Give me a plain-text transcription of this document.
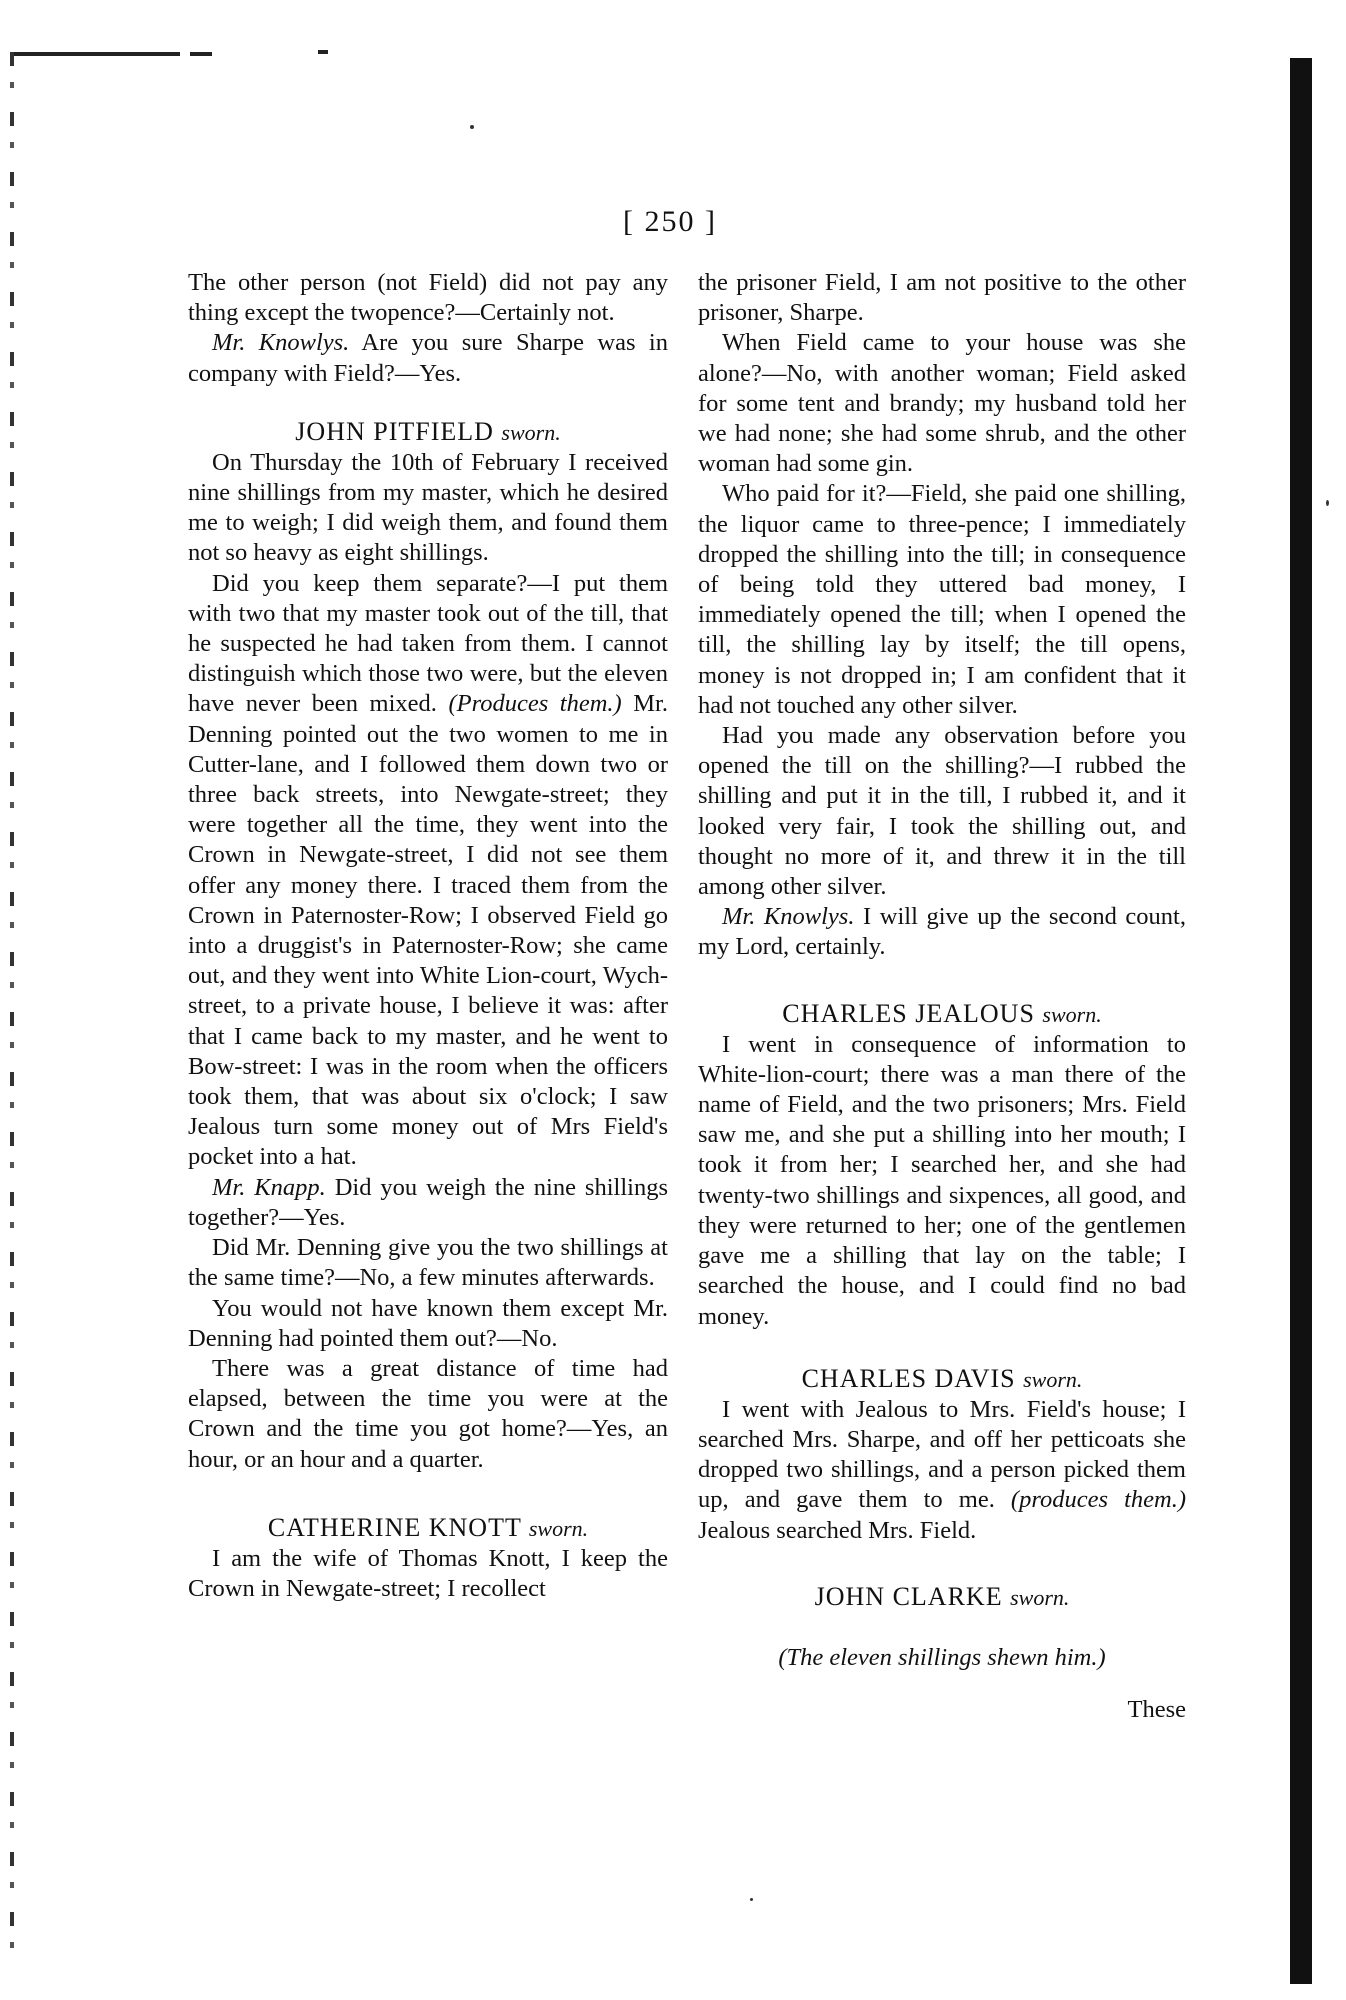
[ 250 ]

The other person (not Field) did not pay any thing except the twopence?—Certainly not.

Mr. Knowlys. Are you sure Sharpe was in company with Field?—Yes.

JOHN PITFIELD sworn.

On Thursday the 10th of February I received nine shillings from my master, which he desired me to weigh; I did weigh them, and found them not so heavy as eight shillings.

Did you keep them separate?—I put them with two that my master took out of the till, that he suspected he had taken from them. I cannot distinguish which those two were, but the eleven have never been mixed. (Produces them.) Mr. Denning pointed out the two women to me in Cutter-lane, and I followed them down two or three back streets, into Newgate-street; they were together all the time, they went into the Crown in Newgate-street, I did not see them offer any money there. I traced them from the Crown in Paternoster-Row; I observed Field go into a druggist's in Paternoster-Row; she came out, and they went into White Lion-court, Wych-street, to a private house, I believe it was: after that I came back to my master, and he went to Bow-street: I was in the room when the officers took them, that was about six o'clock; I saw Jealous turn some money out of Mrs Field's pocket into a hat.

Mr. Knapp. Did you weigh the nine shillings together?—Yes.

Did Mr. Denning give you the two shillings at the same time?—No, a few minutes afterwards.

You would not have known them except Mr. Denning had pointed them out?—No.

There was a great distance of time had elapsed, between the time you were at the Crown and the time you got home?—Yes, an hour, or an hour and a quarter.

CATHERINE KNOTT sworn.

I am the wife of Thomas Knott, I keep the Crown in Newgate-street; I recollect

the prisoner Field, I am not positive to the other prisoner, Sharpe.

When Field came to your house was she alone?—No, with another woman; Field asked for some tent and brandy; my husband told her we had none; she had some shrub, and the other woman had some gin.

Who paid for it?—Field, she paid one shilling, the liquor came to three-pence; I immediately dropped the shilling into the till; in consequence of being told they uttered bad money, I immediately opened the till; when I opened the till, the shilling lay by itself; the till opens, money is not dropped in; I am confident that it had not touched any other silver.

Had you made any observation before you opened the till on the shilling?—I rubbed the shilling and put it in the till, I rubbed it, and it looked very fair, I took the shilling out, and thought no more of it, and threw it in the till among other silver.

Mr. Knowlys. I will give up the second count, my Lord, certainly.

CHARLES JEALOUS sworn.

I went in consequence of information to White-lion-court; there was a man there of the name of Field, and the two prisoners; Mrs. Field saw me, and she put a shilling into her mouth; I took it from her; I searched her, and she had twenty-two shillings and sixpences, all good, and they were returned to her; one of the gentlemen gave me a shilling that lay on the table; I searched the house, and I could find no bad money.

CHARLES DAVIS sworn.

I went with Jealous to Mrs. Field's house; I searched Mrs. Sharpe, and off her petticoats she dropped two shillings, and a person picked them up, and gave them to me. (produces them.) Jealous searched Mrs. Field.

JOHN CLARKE sworn.

(The eleven shillings shewn him.)

These
